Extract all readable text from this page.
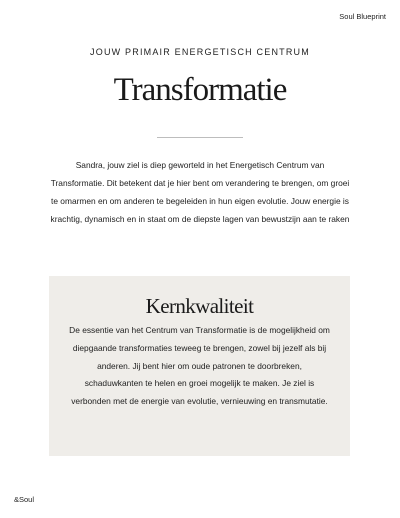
Soul Blueprint
JOUW PRIMAIR ENERGETISCH CENTRUM
Transformatie
Sandra, jouw ziel is diep geworteld in het Energetisch Centrum van Transformatie. Dit betekent dat je hier bent om verandering te brengen, om groei te omarmen en om anderen te begeleiden in hun eigen evolutie. Jouw energie is krachtig, dynamisch en in staat om de diepste lagen van bewustzijn aan te raken
Kernkwaliteit
De essentie van het Centrum van Transformatie is de mogelijkheid om diepgaande transformaties teweeg te brengen, zowel bij jezelf als bij anderen. Jij bent hier om oude patronen te doorbreken, schaduwkanten te helen en groei mogelijk te maken. Je ziel is verbonden met de energie van evolutie, vernieuwing en transmutatie.
&Soul
